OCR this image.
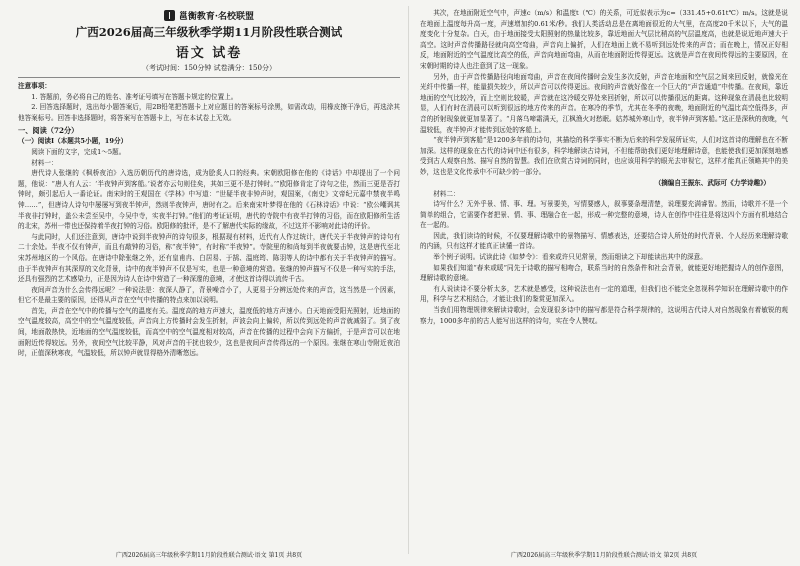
邕衡教育·名校联盟
广西2026届高三年级秋季学期11月阶段性联合测试
语文 试卷
（考试时间：150分钟 试卷满分：150分）
注意事项：
1. 答题前，务必将自己的姓名、准考证号填写在答题卡规定的位置上。
2. 回答选择题时，选出每小题答案后，用2B铅笔把答题卡上对应题目的答案标号涂黑，如需改动，用橡皮擦干净后，再选涂其他答案标号。回答非选择题时，将答案写在答题卡上，写在本试卷上无效。
一、阅读（72分）
（一）阅读Ⅰ（本题共5小题，19分）
阅读下面的文字，完成1～5题。
材料一：
唐代诗人张继的《枫桥夜泊》入选历朝历代的唐诗选，成为脍炙人口的经典。宋朝欧阳修在他的《诗话》中却提出了一个问题，他说：“唐人有人云：‘半夜钟声到客船。’说者亦云句则佳矣，其如三更不是打钟时。’”欧阳修肯定了诗句之佳，然而三更是否打钟时，颇引起后人一番论证。南宋时的王观国在《学林》中写道：“世疑半夜非钟声时，观国案，《南史》文帝纪元嘉中禁夜半鸣钟……”，但唐诗人诗句中屡屡写到夜半钟声，然则半夜钟声，唐时有之。后来南宋叶梦得在他的《石林诗话》中说：“欧公嘲讽其半夜非打钟时，盖公未尝至吴中，今吴中寺，实夜半打钟。”他们的考证证明，唐代的寺院中有夜半打钟的习俗，而在欧阳修所生活的北宋，苏州一带也还保持着半夜打钟的习俗。欧阳修的批评，是不了解唐代实际的缘故，不过这并不影响对此诗的评价。
与此同时，人们还注意到，唐诗中说到半夜钟声的诗句很多，根据现有材料，近代有人作过统计，唐代关于半夜钟声的诗句有二十余处。半夜不仅有钟声，而且有敲钟的习俗，称“夜半钟”，有时称“半夜钟”。寺院里的和尚每到半夜就要击钟，这是唐代至北宋苏州地区的一个风俗。在唐诗中除张继之外，还有皇甫冉、白居易、于鹄、温庭筠、陈羽等人的诗中都有关于半夜钟声的描写。由于半夜钟声有其深厚的文化背景，诗中的夜半钟声不仅是写实，也是一种意境的营造。张继的钟声描写不仅是一种写实的手法，还具有强烈的艺术感染力，正是因为诗人在诗中营造了一种深邃的意境，才使这首诗得以流传千古。
夜间声音为什么会传得远呢？一种说法是：夜深人静了，背景噪音小了，人更易于分辨远处传来的声音，这当然是一个因素，但它不是最主要的原因，还得从声音在空气中传播的特点来加以说明。
首先，声音在空气中的传播与空气的温度有关。温度高的地方声速大，温度低的地方声速小。白天地面受阳光照射，近地面的空气温度较高，高空中的空气温度较低，声音向上方传播时会发生折射，声波会向上偏转，所以传到远处的声音就减弱了。到了夜间，地面散热快，近地面的空气温度较低，而高空中的空气温度相对较高，声音在传播的过程中会向下方偏折，于是声音可以在地面附近传得较远。另外，夜间空气比较平静，风对声音的干扰也较少，这也是夜间声音传得远的一个原因。张继在寒山寺附近夜泊时，正值深秋寒夜，气温较低，所以钟声就显得格外清晰悠远。
其次，在地面附近空气中，声速c（m/s）和温度t（℃）的关系，可近似表示为c=（331.45+0.61t℃）m/s。这就是说在地面上温度每升高一度，声速增加约0.61米/秒。我们人类活动总是在离地面很近的大气里，在高度20千米以下，大气的温度变化十分复杂。白天，由于地面接受太阳照射的热量比较多，靠近地面大气层比稍高的气层温度高，也就是说近地声速大于高空。这时声音传播路径就向高空弯曲，声音向上偏折，人们在地面上就不易听到远处传来的声音；而在晚上，情况正好相反，地面附近的空气温度比高空的低，声音向地面弯曲，从而在地面附近传得更远。这就是声音在夜间传得远的主要原因，在宋朝时期的诗人也注意到了这一现象。
另外，由于声音传播路径向地面弯曲，声音在夜间传播时会发生多次反射，声音在地面和空气层之间来回反射，就像光在光纤中传播一样，能量损失较少，所以声音可以传得更远。夜间的声音就好像在一个巨大的“声音通道”中传播。在夜间，靠近地面的空气比较冷，而上空则比较暖，声音就在这冷暖交界处来回折射，所以可以传播很远的距离。这种现象在清晨也比较明显，人们有时在清晨可以听到很远的地方传来的声音。在寒冷的季节，尤其在冬季的夜晚，地面附近的气温比高空低得多，声音的折射现象就更加显著了。“月落乌啼霜满天，江枫渔火对愁眠。姑苏城外寒山寺，夜半钟声到客船。”这正是深秋的夜晚，气温较低，夜半钟声才能传到远处的客船上。
“夜半钟声到客船”是1200多年前的诗句，其描绘的科学事实不断为后来的科学发展所证实，人们对这首诗的理解也在不断加深。这样的现象在古代的诗词中还有很多，科学地解读古诗词，不但能帮助我们更好地理解诗意，也能使我们更加深刻地感受到古人观察自然、描写自然的智慧。我们在欣赏古诗词的同时，也应该用科学的眼光去审视它，这样才能真正领略其中的美妙，这也是文化传承中不可缺少的一部分。
（摘编自王振东、武际可《力学诗趣》）
材料二：
诗写什么？无外乎景、情、事、理。写景要美，写情要感人，叙事要条理清楚，说理要充满睿智。然而，诗歌并不是一个简单的组合，它需要作者把景、情、事、理融合在一起，形成一种完整的意境，诗人在创作中往往是将这四个方面有机地结合在一起的。
因此，我们读诗的时候，不仅要理解诗歌中的景物描写、情感表达，还要结合诗人所处的时代背景、个人经历来理解诗歌的内涵，只有这样才能真正读懂一首诗。
举个例子说明。试读此诗《如梦令》：看来或许只见常景，然而细读之下却能读出其中的深意。
如果我们知道“春来或暖”同先于诗歌的描写相吻合，联系当时的自然条件和社会背景，就能更好地把握诗人的创作意图，理解诗歌的意境。
有人说读诗不要分析太多，艺术就是感受，这种说法也有一定的道理，但我们也不能完全忽视科学知识在理解诗歌中的作用，科学与艺术相结合，才能让我们的鉴赏更加深入。
当我们用物理规律来解读诗歌时，会发现很多诗中的描写都是符合科学规律的，这说明古代诗人对自然现象有着敏锐的观察力，1000多年前的古人能写出这样的诗句，实在令人赞叹。
广西2026届高三年级秋季学期11月阶段性联合测试·语文 第1页 共8页	广西2026届高三年级秋季学期11月阶段性联合测试·语文 第2页 共8页
